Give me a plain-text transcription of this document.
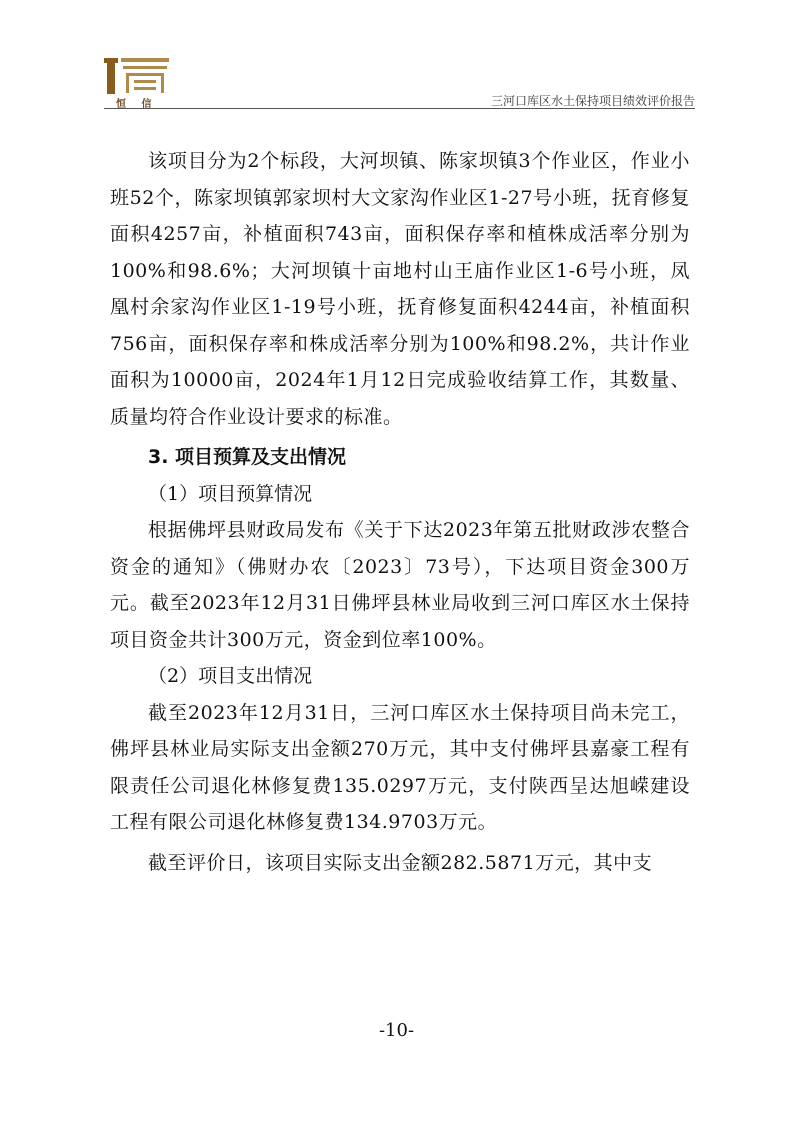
恒 信	三河口库区水土保持项目绩效评价报告

该项目分为2个标段，大河坝镇、陈家坝镇3个作业区，作业小班52个，陈家坝镇郭家坝村大文家沟作业区1-27号小班，抚育修复面积4257亩，补植面积743亩，面积保存率和植株成活率分别为100%和98.6%；大河坝镇十亩地村山王庙作业区1-6号小班，凤凰村余家沟作业区1-19号小班，抚育修复面积4244亩，补植面积756亩，面积保存率和株成活率分别为100%和98.2%，共计作业面积为10000亩，2024年1月12日完成验收结算工作，其数量、质量均符合作业设计要求的标准。

3. 项目预算及支出情况

（1）项目预算情况

根据佛坪县财政局发布《关于下达2023年第五批财政涉农整合资金的通知》（佛财办农〔2023〕73号），下达项目资金300万元。截至2023年12月31日佛坪县林业局收到三河口库区水土保持项目资金共计300万元，资金到位率100%。

（2）项目支出情况

截至2023年12月31日，三河口库区水土保持项目尚未完工，佛坪县林业局实际支出金额270万元，其中支付佛坪县嘉豪工程有限责任公司退化林修复费135.0297万元，支付陕西呈达旭嵘建设工程有限公司退化林修复费134.9703万元。

截至评价日，该项目实际支出金额282.5871万元，其中支

-10-
